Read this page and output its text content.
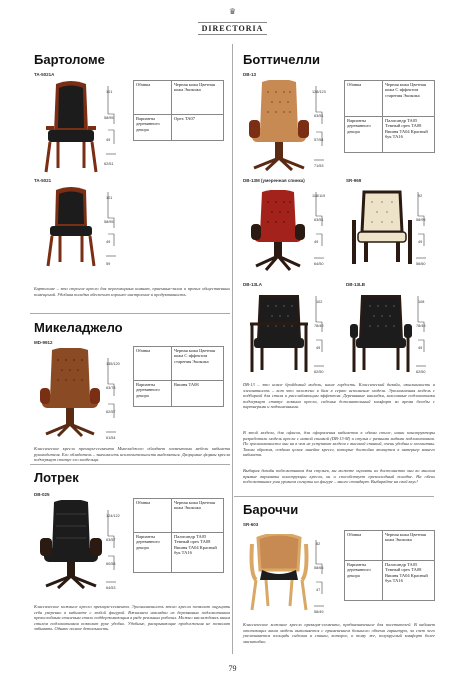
♛
DIRECTORIA
Бартоломе
TA-5021A
101
58/95
49
62/51
Обивка	Черная кожа Цветная кожа Экокожа
Варианты деревянного декора	Орех TA07
TA-5021
101
58/95
49
59
Бартоломе – это строгое кресло для переговорных комнат, приемных-залов и прочих общественных помещений. Удобная посадка обеспечит хорошее настроение и продуктивность.
Микеладжело
MD-9912
135/120
63/78
62/57
61/54
Обивка	Черная кожа Цветная кожа С эффектом старения Экокожа
Варианты деревянного декора	Вишня TA08
Классическое кресло премиум-сегмента Микеладжело обладает элементами мебели кабинета руководителя. Его обладатель – значимость исключительности выделяться. Дворцовые формы кресла подчеркнут статус его владельца.
Лотрек
DB-025
124/122
63/57
60/58
64/53
Обивка	Черная кожа Цветная кожа Экокожа
Варианты деревянного декора	Палисандр TA05 Темный орех TA08 Вишня TA04 Красный бук TA16
Классическое кожаное кресло премиум-сегмента. Эргономичность этого кресла позволит ощущать себя уверенно в кабинете с любой фигурой. Вживляем накладки из деревянных подлокотников превосходным стилевым стало поддерживающим в ряде реальных рабочих. Можно наслаждаясь иным стилем подлокотников позволит руке удобно. Удобные, раскрывающие продолжения не позволит забывать. Однако полное детальность.
Боттичелли
DB-13
128/123
63/51
57/54
71/53
Обивка	Черная кожа Цветная кожа С эффектом старения Экокожа
Варианты деревянного декора	Палисандр TA05 Темный орех TA08 Вишня TA04 Красный бук TA16
DB-13M (умеренная спинка)
118/119
63/51
49
64/50
SR-969
92
58/95
49
56/60
DB-13LA
102
78/49
49
62/50
DB-13LB
108
78/49
49
62/50
DB-13 – это новое бройдовый модель, наше гордость. Классический дизайн, изысканность и элегантность – вот что заложено в 6ам в серию исполнение модели. Эргономичная модель с подборкой для стиля и расслабляющим эффектом. Деревянные накладки, массивные подлокотники подчеркнут статус хозяина кресла, сиденья дополнительный комфорт во время беседы с партнерами и подчиненными.
В этой модели, для офисов, для оформления кабинетов в одном стиле, наши конструкторы разработали модель кресла с низкой спинкой (DB-13-M) и стулья с разными видами подлокотников. По эргономичности они ни в чем не уступают модели с высокой спинкой, очень удобны и элегантны. Таким образом, создана целая линейка кресел, которые достойно впишутся в интерьер вашего кабинета.
Выбирая дизайн подлокотников для стульев, вы можете оценить их достоинство они во многом прямые варианты конструкции кресла, он и способствует превосходный посадке. На обеих подлокотниках уши уровнем согнуты на фигуре – много стандарт. Выбирайте на свой вкус!
Бароччи
SR-603
82
58/66
47
58/49
Обивка	Черная кожа Цветная кожа Экокожа
Варианты деревянного декора	Палисандр TA05 Темный орех TA08 Вишня TA04 Красный бук TA16
Классическое кожаное кресло премиум-сегмента, предназначенное для посетителей. В кабинет отстающих ваша модель выполняется с применением большого объема гарнитура, за счет чего увеличивается площадь сидения и спинки, которое, к тому же, полукруглый комфорт более масштабно.
79
